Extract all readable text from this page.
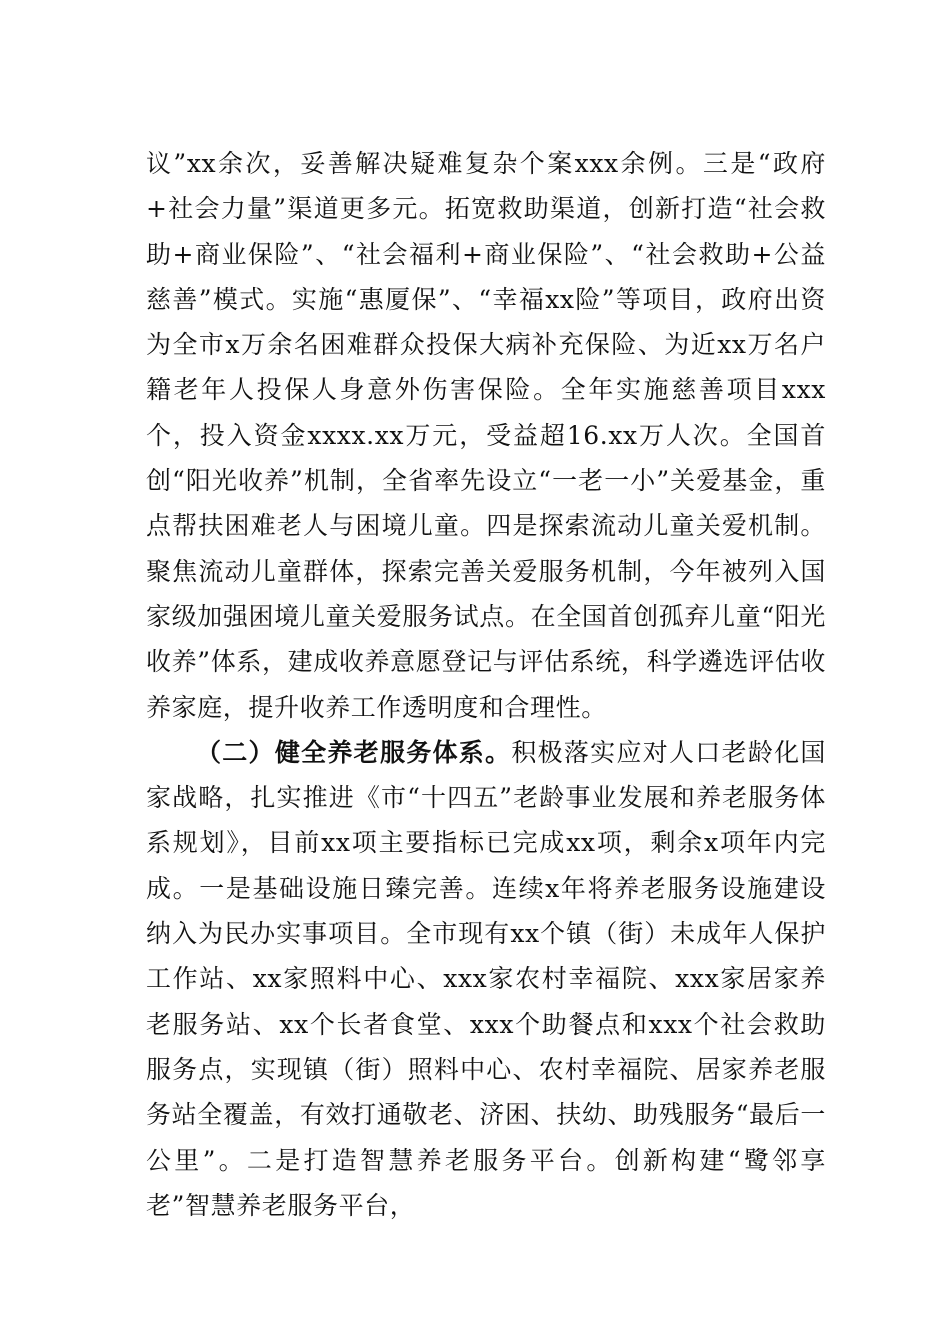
议”xx余次，妥善解决疑难复杂个案xxx余例。三是“政府+社会力量”渠道更多元。拓宽救助渠道，创新打造“社会救助+商业保险”、“社会福利+商业保险”、“社会救助+公益慈善”模式。实施“惠厦保”、“幸福xx险”等项目，政府出资为全市x万余名困难群众投保大病补充保险、为近xx万名户籍老年人投保人身意外伤害保险。全年实施慈善项目xxx个，投入资金xxxx.xx万元，受益超16.xx万人次。全国首创“阳光收养”机制，全省率先设立“一老一小”关爱基金，重点帮扶困难老人与困境儿童。四是探索流动儿童关爱机制。聚焦流动儿童群体，探索完善关爱服务机制，今年被列入国家级加强困境儿童关爱服务试点。在全国首创孤弃儿童“阳光收养”体系，建成收养意愿登记与评估系统，科学遴选评估收养家庭，提升收养工作透明度和合理性。

（二）健全养老服务体系。积极落实应对人口老龄化国家战略，扎实推进《市“十四五”老龄事业发展和养老服务体系规划》，目前xx项主要指标已完成xx项，剩余x项年内完成。一是基础设施日臻完善。连续x年将养老服务设施建设纳入为民办实事项目。全市现有xx个镇（街）未成年人保护工作站、xx家照料中心、xxx家农村幸福院、xxx家居家养老服务站、xx个长者食堂、xxx个助餐点和xxx个社会救助服务点，实现镇（街）照料中心、农村幸福院、居家养老服务站全覆盖，有效打通敬老、济困、扶幼、助残服务“最后一公里”。二是打造智慧养老服务平台。创新构建“鹭邻享老”智慧养老服务平台，
